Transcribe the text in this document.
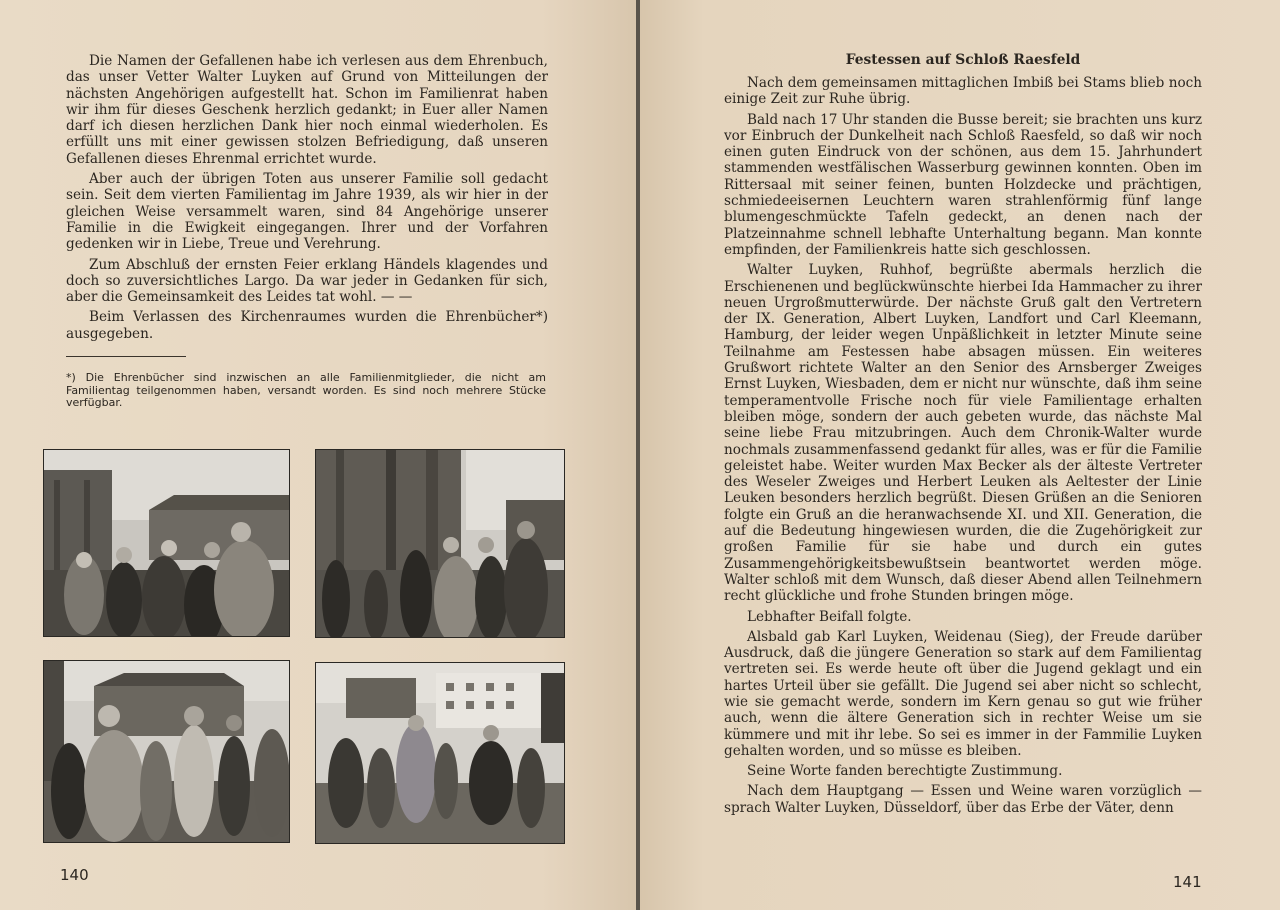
Die Namen der Gefallenen habe ich verlesen aus dem Ehrenbuch, das unser Vetter Walter Luyken auf Grund von Mitteilungen der nächsten Angehörigen aufgestellt hat. Schon im Familienrat haben wir ihm für dieses Geschenk herzlich gedankt; in Euer aller Namen darf ich diesen herzlichen Dank hier noch einmal wiederholen. Es erfüllt uns mit einer gewissen stolzen Befriedigung, daß unseren Gefallenen dieses Ehrenmal errichtet wurde.

Aber auch der übrigen Toten aus unserer Familie soll gedacht sein. Seit dem vierten Familientag im Jahre 1939, als wir hier in der gleichen Weise versammelt waren, sind 84 Angehörige unserer Familie in die Ewigkeit eingegangen. Ihrer und der Vorfahren gedenken wir in Liebe, Treue und Verehrung.

Zum Abschluß der ernsten Feier erklang Händels klagendes und doch so zuversichtliches Largo. Da war jeder in Gedanken für sich, aber die Gemeinsamkeit des Leides tat wohl. — —

Beim Verlassen des Kirchenraumes wurden die Ehrenbücher*) ausgegeben.

*) Die Ehrenbücher sind inzwischen an alle Familienmitglieder, die nicht am Familientag teilgenommen haben, versandt worden. Es sind noch mehrere Stücke verfügbar.
140
Festessen auf Schloß Raesfeld

Nach dem gemeinsamen mittaglichen Imbiß bei Stams blieb noch einige Zeit zur Ruhe übrig.

Bald nach 17 Uhr standen die Busse bereit; sie brachten uns kurz vor Einbruch der Dunkelheit nach Schloß Raesfeld, so daß wir noch einen guten Eindruck von der schönen, aus dem 15. Jahrhundert stammenden westfälischen Wasserburg gewinnen konnten. Oben im Rittersaal mit seiner feinen, bunten Holzdecke und prächtigen, schmiedeeisernen Leuchtern waren strahlenförmig fünf lange blumengeschmückte Tafeln gedeckt, an denen nach der Platzeinnahme schnell lebhafte Unterhaltung begann. Man konnte empfinden, der Familienkreis hatte sich geschlossen.

Walter Luyken, Ruhhof, begrüßte abermals herzlich die Erschienenen und beglückwünschte hierbei Ida Hammacher zu ihrer neuen Urgroßmutterwürde. Der nächste Gruß galt den Vertretern der IX. Generation, Albert Luyken, Landfort und Carl Kleemann, Hamburg, der leider wegen Unpäßlichkeit in letzter Minute seine Teilnahme am Festessen habe absagen müssen. Ein weiteres Grußwort richtete Walter an den Senior des Arnsberger Zweiges Ernst Luyken, Wiesbaden, dem er nicht nur wünschte, daß ihm seine temperamentvolle Frische noch für viele Familientage erhalten bleiben möge, sondern der auch gebeten wurde, das nächste Mal seine liebe Frau mitzubringen. Auch dem Chronik-Walter wurde nochmals zusammenfassend gedankt für alles, was er für die Familie geleistet habe. Weiter wurden Max Becker als der älteste Vertreter des Weseler Zweiges und Herbert Leuken als Aeltester der Linie Leuken besonders herzlich begrüßt. Diesen Grüßen an die Senioren folgte ein Gruß an die heranwachsende XI. und XII. Generation, die auf die Bedeutung hingewiesen wurden, die die Zugehörigkeit zur großen Familie für sie habe und durch ein gutes Zusammengehörigkeitsbewußtsein beantwortet werden möge. Walter schloß mit dem Wunsch, daß dieser Abend allen Teilnehmern recht glückliche und frohe Stunden bringen möge.

Lebhafter Beifall folgte.

Alsbald gab Karl Luyken, Weidenau (Sieg), der Freude darüber Ausdruck, daß die jüngere Generation so stark auf dem Familientag vertreten sei. Es werde heute oft über die Jugend geklagt und ein hartes Urteil über sie gefällt. Die Jugend sei aber nicht so schlecht, wie sie gemacht werde, sondern im Kern genau so gut wie früher auch, wenn die ältere Generation sich in rechter Weise um sie kümmere und mit ihr lebe. So sei es immer in der Fammilie Luyken gehalten worden, und so müsse es bleiben.

Seine Worte fanden berechtigte Zustimmung.

Nach dem Hauptgang — Essen und Weine waren vorzüglich — sprach Walter Luyken, Düsseldorf, über das Erbe der Väter, denn

141
